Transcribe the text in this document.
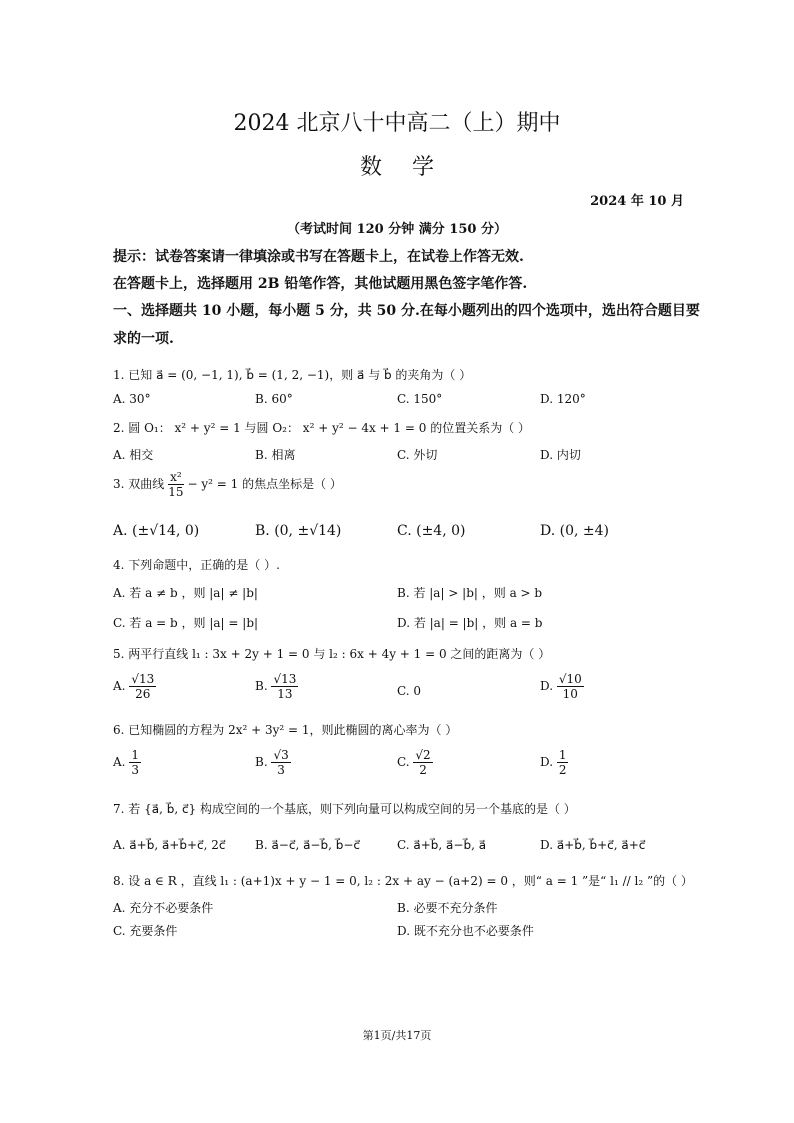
2024 北京八十中高二（上）期中
数学
2024 年 10 月
（考试时间 120 分钟 满分 150 分）
提示：试卷答案请一律填涂或书写在答题卡上，在试卷上作答无效.
在答题卡上，选择题用 2B 铅笔作答，其他试题用黑色签字笔作答.
一、选择题共 10 小题，每小题 5 分，共 50 分.在每小题列出的四个选项中，选出符合题目要
求的一项.
1. 已知 a⃗ = (0, −1, 1), b⃗ = (1, 2, −1)，则 a⃗ 与 b⃗ 的夹角为（ ）
A. 30°	B. 60°	C. 150°	D. 120°
2. 圆 O₁： x² + y² = 1 与圆 O₂： x² + y² − 4x + 1 = 0 的位置关系为（ ）
A. 相交	B. 相离	C. 外切	D. 内切
3. 双曲线 $\frac{\text{x²}}{15} - y^2 = 1$ 的焦点坐标是（ ）
A. (±√14, 0)	B. (0, ±√14)	C. (±4, 0)	D. (0, ±4)
4. 下列命题中，正确的是（ ）.
A. 若 a ≠ b ，则 |a| ≠ |b|	B. 若 |a| > |b| ，则 a > b
C. 若 a = b ，则 |a| = |b|	D. 若 |a| = |b| ，则 a = b
5. 两平行直线 l₁ : 3x + 2y + 1 = 0 与 l₂ : 6x + 4y + 1 = 0 之间的距离为（ ）
A. $\frac{√13}{26}$	B. $\frac{√13}{13}$	C. 0	D. $\frac{√10}{10}$
6. 已知椭圆的方程为 2x² + 3y² = 1，则此椭圆的离心率为（ ）
A. $\frac{1}{3}$	B. $\frac{√3}{3}$	C. $\frac{√2}{2}$	D. $\frac{1}{2}$
7. 若 {a⃗, b⃗, c⃗} 构成空间的一个基底，则下列向量可以构成空间的另一个基底的是（ ）
A. a⃗+b⃗, a⃗+b⃗+c⃗, 2c⃗ B. a⃗−c⃗, a⃗−b⃗, b⃗−c⃗	C. a⃗+b⃗, a⃗−b⃗, a⃗	D. a⃗+b⃗, b⃗+c⃗, a⃗+c⃗
8. 设 a ∈ R ，直线 l₁ : (a+1)x + y − 1 = 0, l₂ : 2x + ay − (a+2) = 0 ，则“ a = 1 ”是“ l₁ // l₂ ”的（ ）
A. 充分不必要条件	B. 必要不充分条件
C. 充要条件	D. 既不充分也不必要条件
第1页/共17页
